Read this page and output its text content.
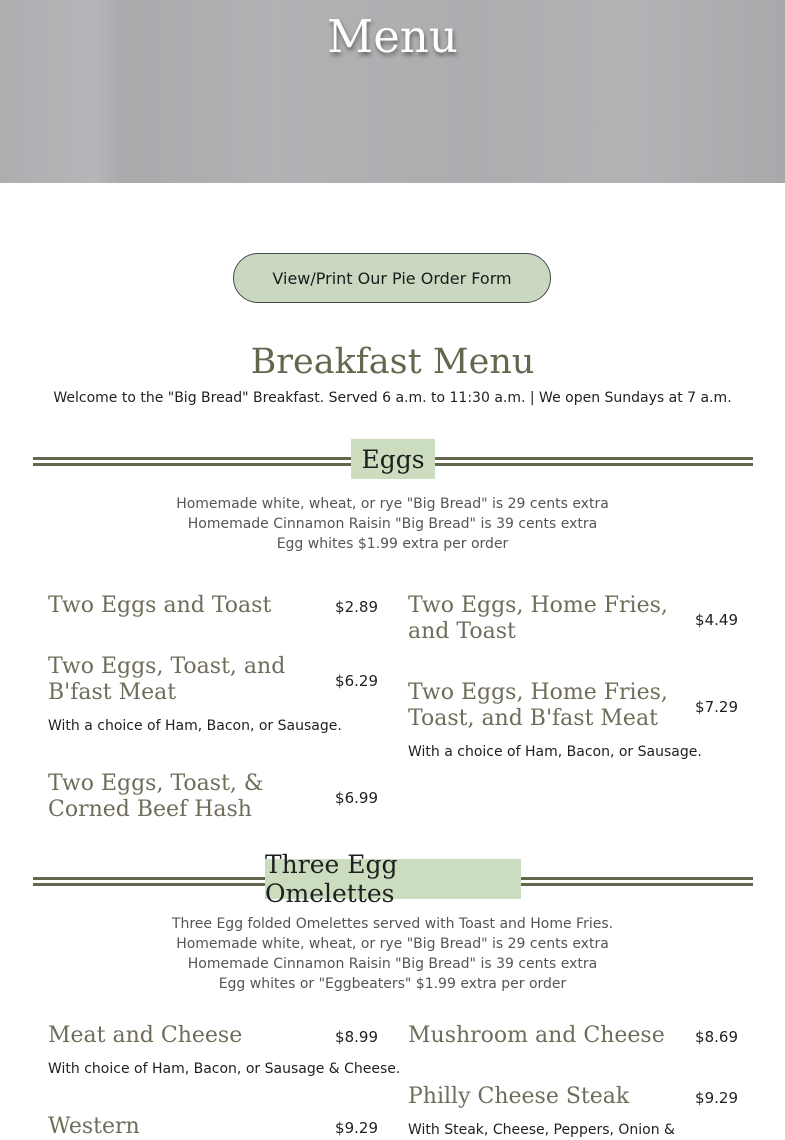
Menu
View/Print Our Pie Order Form
Breakfast Menu
Welcome to the "Big Bread" Breakfast. Served 6 a.m. to 11:30 a.m. | We open Sundays at 7 a.m.
Eggs
Homemade white, wheat, or rye "Big Bread" is 29 cents extra
Homemade Cinnamon Raisin "Big Bread" is 39 cents extra
Egg whites $1.99 extra per order
Two Eggs and Toast	$2.89
Two Eggs, Toast, and B'fast Meat	$6.29
With a choice of Ham, Bacon, or Sausage.
Two Eggs, Toast, & Corned Beef Hash	$6.99
Two Eggs, Home Fries, and Toast	$4.49
Two Eggs, Home Fries, Toast, and B'fast Meat	$7.29
With a choice of Ham, Bacon, or Sausage.
Three Egg Omelettes
Three Egg folded Omelettes served with Toast and Home Fries.
Homemade white, wheat, or rye "Big Bread" is 29 cents extra
Homemade Cinnamon Raisin "Big Bread" is 39 cents extra
Egg whites or "Eggbeaters" $1.99 extra per order
Meat and Cheese	$8.99
With choice of Ham, Bacon, or Sausage & Cheese.
Western	$9.29
Mushroom and Cheese	$8.69
Philly Cheese Steak	$9.29
With Steak, Cheese, Peppers, Onion &
